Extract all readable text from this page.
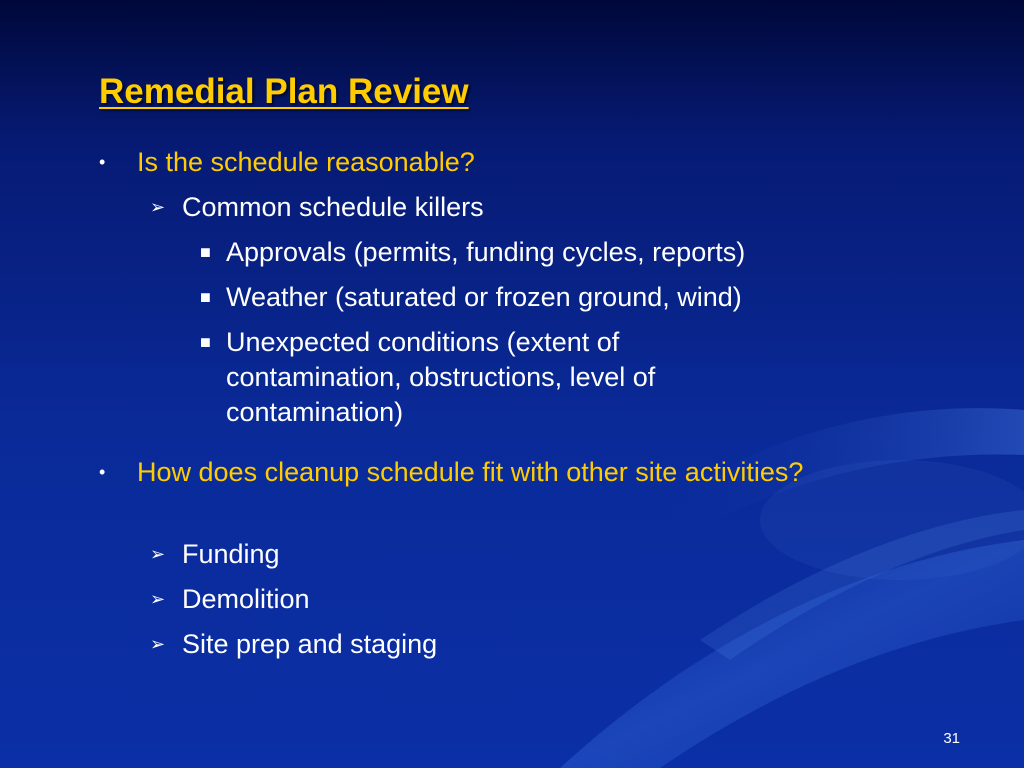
Remedial Plan Review
•	Is the schedule reasonable?
➢ Common schedule killers
■ Approvals (permits, funding cycles, reports)
■ Weather (saturated or frozen ground, wind)
■ Unexpected conditions (extent of contamination, obstructions, level of contamination)
•	How does cleanup schedule fit with other site activities?
➢ Funding
➢ Demolition
➢ Site prep and staging
31
